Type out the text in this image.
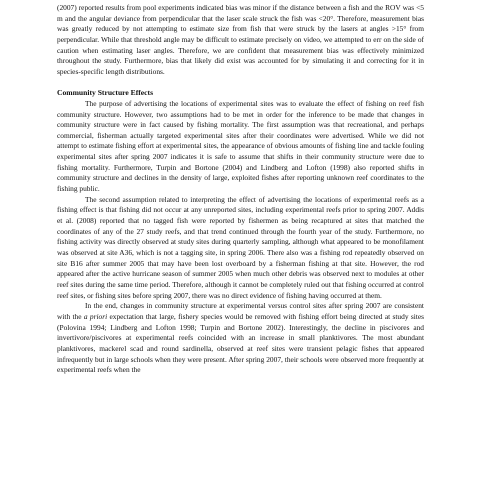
(2007) reported results from pool experiments indicated bias was minor if the distance between a fish and the ROV was <5 m and the angular deviance from perpendicular that the laser scale struck the fish was <20°. Therefore, measurement bias was greatly reduced by not attempting to estimate size from fish that were struck by the lasers at angles >15° from perpendicular. While that threshold angle may be difficult to estimate precisely on video, we attempted to err on the side of caution when estimating laser angles. Therefore, we are confident that measurement bias was effectively minimized throughout the study. Furthermore, bias that likely did exist was accounted for by simulating it and correcting for it in species-specific length distributions.

Community Structure Effects

The purpose of advertising the locations of experimental sites was to evaluate the effect of fishing on reef fish community structure. However, two assumptions had to be met in order for the inference to be made that changes in community structure were in fact caused by fishing mortality. The first assumption was that recreational, and perhaps commercial, fisherman actually targeted experimental sites after their coordinates were advertised. While we did not attempt to estimate fishing effort at experimental sites, the appearance of obvious amounts of fishing line and tackle fouling experimental sites after spring 2007 indicates it is safe to assume that shifts in their community structure were due to fishing mortality. Furthermore, Turpin and Bortone (2004) and Lindberg and Lofton (1998) also reported shifts in community structure and declines in the density of large, exploited fishes after reporting unknown reef coordinates to the fishing public.

The second assumption related to interpreting the effect of advertising the locations of experimental reefs as a fishing effect is that fishing did not occur at any unreported sites, including experimental reefs prior to spring 2007. Addis et al. (2008) reported that no tagged fish were reported by fishermen as being recaptured at sites that matched the coordinates of any of the 27 study reefs, and that trend continued through the fourth year of the study. Furthermore, no fishing activity was directly observed at study sites during quarterly sampling, although what appeared to be monofilament was observed at site A36, which is not a tagging site, in spring 2006. There also was a fishing rod repeatedly observed on site B16 after summer 2005 that may have been lost overboard by a fisherman fishing at that site. However, the rod appeared after the active hurricane season of summer 2005 when much other debris was observed next to modules at other reef sites during the same time period. Therefore, although it cannot be completely ruled out that fishing occurred at control reef sites, or fishing sites before spring 2007, there was no direct evidence of fishing having occurred at them.

In the end, changes in community structure at experimental versus control sites after spring 2007 are consistent with the a priori expectation that large, fishery species would be removed with fishing effort being directed at study sites (Polovina 1994; Lindberg and Lofton 1998; Turpin and Bortone 2002). Interestingly, the decline in piscivores and invertivore/piscivores at experimental reefs coincided with an increase in small planktivores. The most abundant planktivores, mackerel scad and round sardinella, observed at reef sites were transient pelagic fishes that appeared infrequently but in large schools when they were present. After spring 2007, their schools were observed more frequently at experimental reefs when the
